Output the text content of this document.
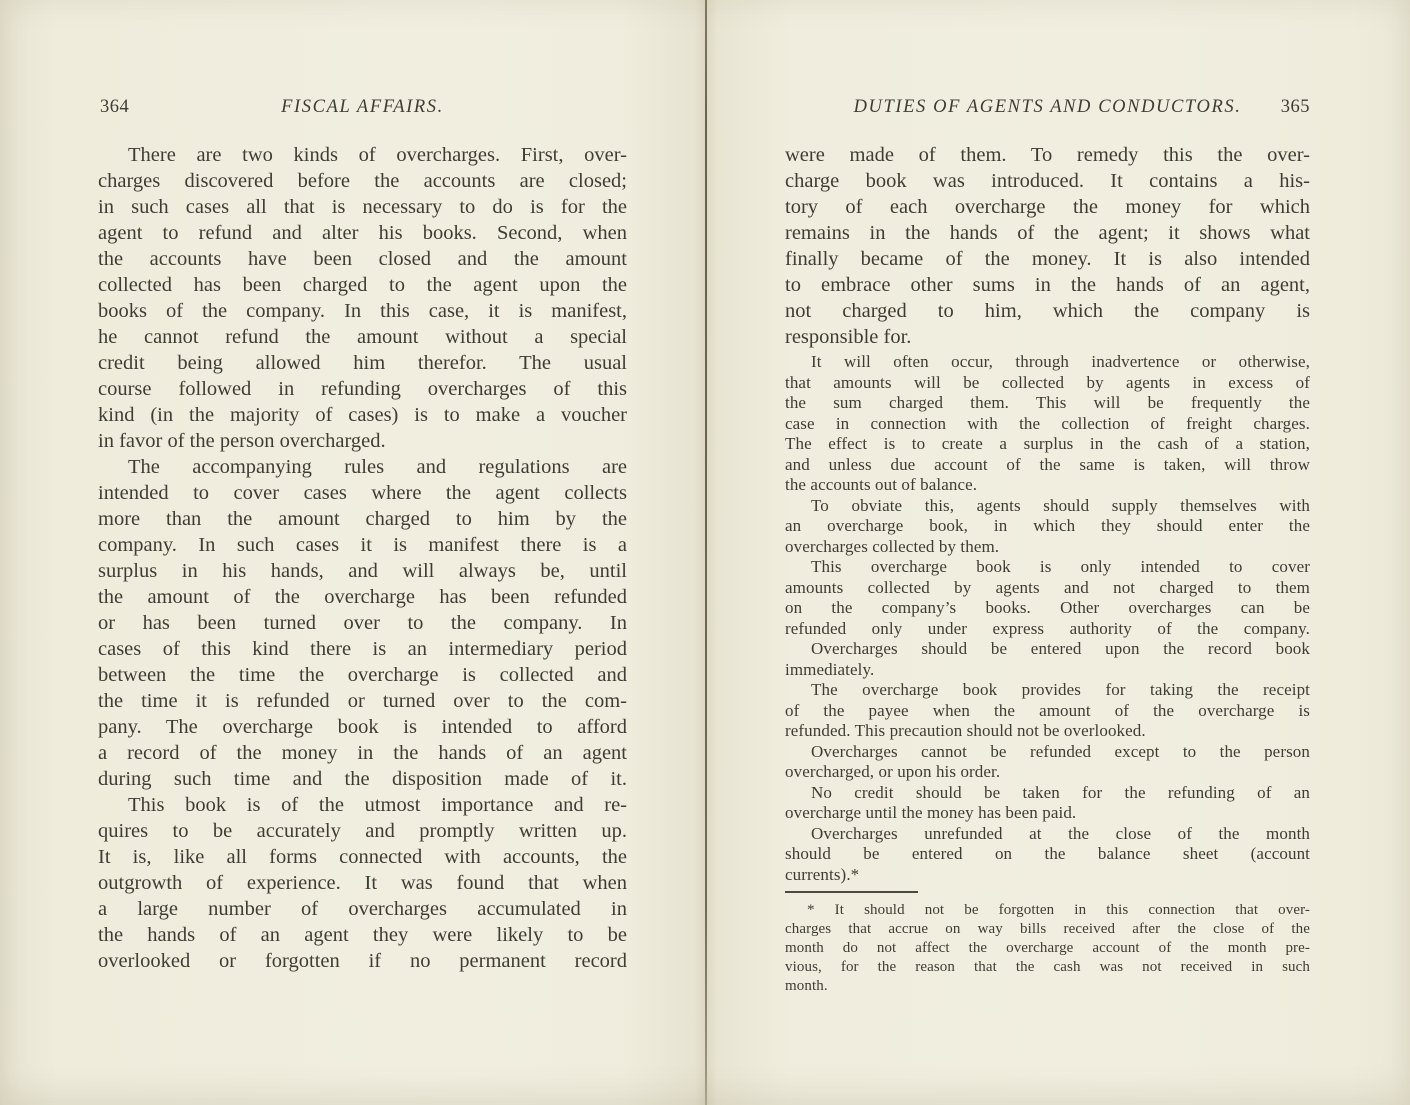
364	FISCAL AFFAIRS.
There are two kinds of overcharges. First, over-
charges discovered before the accounts are closed;
in such cases all that is necessary to do is for the
agent to refund and alter his books. Second, when
the accounts have been closed and the amount
collected has been charged to the agent upon the
books of the company. In this case, it is manifest,
he cannot refund the amount without a special
credit being allowed him therefor. The usual
course followed in refunding overcharges of this
kind (in the majority of cases) is to make a voucher
in favor of the person overcharged.
The accompanying rules and regulations are
intended to cover cases where the agent collects
more than the amount charged to him by the
company. In such cases it is manifest there is a
surplus in his hands, and will always be, until
the amount of the overcharge has been refunded
or has been turned over to the company. In
cases of this kind there is an intermediary period
between the time the overcharge is collected and
the time it is refunded or turned over to the com-
pany. The overcharge book is intended to afford
a record of the money in the hands of an agent
during such time and the disposition made of it.
This book is of the utmost importance and re-
quires to be accurately and promptly written up.
It is, like all forms connected with accounts, the
outgrowth of experience. It was found that when
a large number of overcharges accumulated in
the hands of an agent they were likely to be
overlooked or forgotten if no permanent record
DUTIES OF AGENTS AND CONDUCTORS. 365
were made of them. To remedy this the over-
charge book was introduced. It contains a his-
tory of each overcharge the money for which
remains in the hands of the agent; it shows what
finally became of the money. It is also intended
to embrace other sums in the hands of an agent,
not charged to him, which the company is
responsible for.
It will often occur, through inadvertence or otherwise,
that amounts will be collected by agents in excess of
the sum charged them. This will be frequently the
case in connection with the collection of freight charges.
The effect is to create a surplus in the cash of a station,
and unless due account of the same is taken, will throw
the accounts out of balance.
To obviate this, agents should supply themselves with
an overcharge book, in which they should enter the
overcharges collected by them.
This overcharge book is only intended to cover
amounts collected by agents and not charged to them
on the company’s books. Other overcharges can be
refunded only under express authority of the company.
Overcharges should be entered upon the record book
immediately.
The overcharge book provides for taking the receipt
of the payee when the amount of the overcharge is
refunded. This precaution should not be overlooked.
Overcharges cannot be refunded except to the person
overcharged, or upon his order.
No credit should be taken for the refunding of an
overcharge until the money has been paid.
Overcharges unrefunded at the close of the month
should be entered on the balance sheet (account
currents).*
* It should not be forgotten in this connection that over-
charges that accrue on way bills received after the close of the
month do not affect the overcharge account of the month pre-
vious, for the reason that the cash was not received in such
month.
